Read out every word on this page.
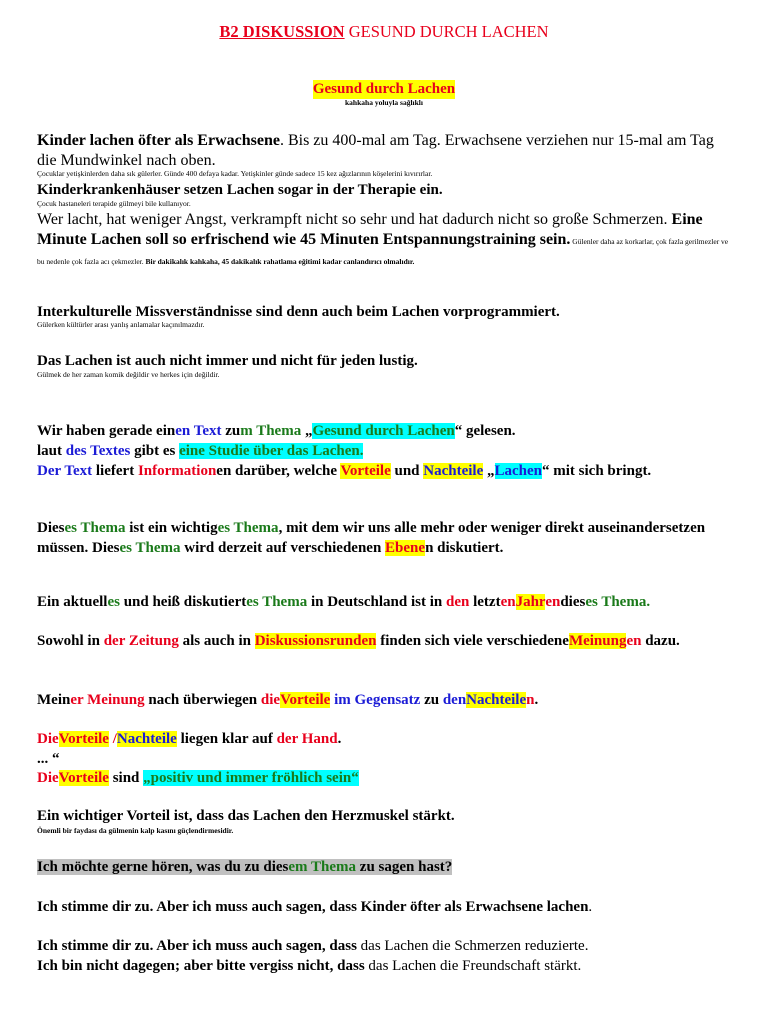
B2 DISKUSSION GESUND DURCH LACHEN
Gesund durch Lachen
kahkaha yoluyla sağlıklı
Kinder lachen öfter als Erwachsene. Bis zu 400-mal am Tag. Erwachsene verziehen nur 15-mal am Tag die Mundwinkel nach oben.
Çocuklar yetişkinlerden daha sık gülerler. Günde 400 defaya kadar. Yetişkinler günde sadece 15 kez ağızlarının köşelerini kıvırırlar.
Kinderkrankenhäuser setzen Lachen sogar in der Therapie ein.
Çocuk hastaneleri terapide gülmeyi bile kullanıyor.
Wer lacht, hat weniger Angst, verkrampft nicht so sehr und hat dadurch nicht so große Schmerzen. Eine Minute Lachen soll so erfrischend wie 45 Minuten Entspannungstraining sein. Gülenler daha az korkarlar, çok fazla gerilmezler ve bu nedenle çok fazla acı çekmezler. Bir dakikalık kahkaha, 45 dakikalık rahatlama eğitimi kadar canlandırıcı olmalıdır.
Interkulturelle Missverständnisse sind denn auch beim Lachen vorprogrammiert.
Gülerken kültürler arası yanlış anlamalar kaçınılmazdır.
Das Lachen ist auch nicht immer und nicht für jeden lustig.
Gülmek de her zaman komik değildir ve herkes için değildir.
Wir haben gerade einen Text zum Thema „Gesund durch Lachen“ gelesen.
laut des Textes gibt es eine Studie über das Lachen.
Der Text liefert Informationen darüber, welche Vorteile und Nachteile „Lachen“ mit sich bringt.
Dieses Thema ist ein wichtiges Thema, mit dem wir uns alle mehr oder weniger direkt auseinandersetzen müssen. Dieses Thema wird derzeit auf verschiedenen Ebenen diskutiert.
Ein aktuelles und heiß diskutiertes Thema in Deutschland ist in den letztenJahrendieses Thema.
Sowohl in der Zeitung als auch in Diskussionsrunden finden sich viele verschiedeneMeinungen dazu.
Meiner Meinung nach überwiegen dieVorteile im Gegensatz zu denNachteilen.
DieVorteile /Nachteile liegen klar auf der Hand.
... “
DieVorteile sind „positiv und immer fröhlich sein“
Ein wichtiger Vorteil ist, dass das Lachen den Herzmuskel stärkt.
Önemli bir faydası da gülmenin kalp kasını güçlendirmesidir.
Ich möchte gerne hören, was du zu diesem Thema zu sagen hast?
Ich stimme dir zu. Aber ich muss auch sagen, dass Kinder öfter als Erwachsene lachen.
Ich stimme dir zu. Aber ich muss auch sagen, dass das Lachen die Schmerzen reduzierte.
Ich bin nicht dagegen; aber bitte vergiss nicht, dass das Lachen die Freundschaft stärkt.
